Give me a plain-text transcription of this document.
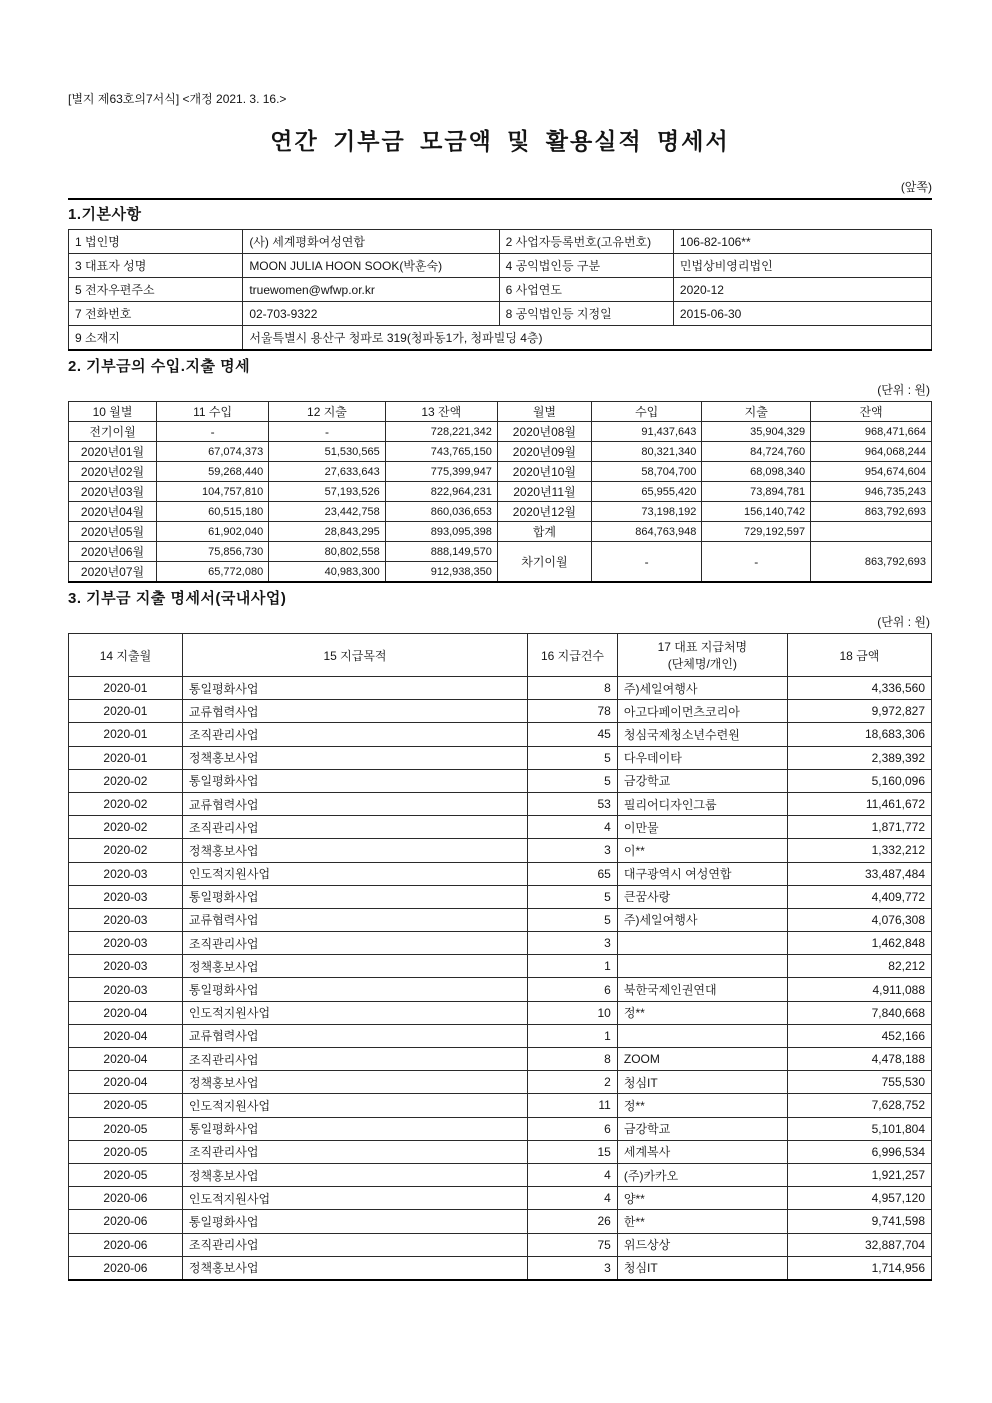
[별지 제63호의7서식] <개정 2021. 3. 16.>
연간 기부금 모금액 및 활용실적 명세서
(앞쪽)
1.기본사항
1 법인명	(사) 세계평화여성연합	2 사업자등록번호(고유번호)	106-82-106**
3 대표자 성명	MOON JULIA HOON SOOK(박훈숙)	4 공익법인등 구분	민법상비영리법인
5 전자우편주소	truewomen@wfwp.or.kr	6 사업연도	2020-12
7 전화번호	02-703-9322	8 공익법인등 지정일	2015-06-30
9 소재지	서울특별시 용산구 청파로 319(청파동1가, 청파빌딩 4층)		
2. 기부금의 수입.지출 명세
(단위 : 원)
10 월별	11 수입	12 지출	13 잔액	월별	수입	지출	잔액
전기이월	-	-	728,221,342	2020년08월	91,437,643	35,904,329	968,471,664
2020년01월	67,074,373	51,530,565	743,765,150	2020년09월	80,321,340	84,724,760	964,068,244
2020년02월	59,268,440	27,633,643	775,399,947	2020년10월	58,704,700	68,098,340	954,674,604
2020년03월	104,757,810	57,193,526	822,964,231	2020년11월	65,955,420	73,894,781	946,735,243
2020년04월	60,515,180	23,442,758	860,036,653	2020년12월	73,198,192	156,140,742	863,792,693
2020년05월	61,902,040	28,843,295	893,095,398	합계	864,763,948	729,192,597	
2020년06월	75,856,730	80,802,558	888,149,570	차기이월	-	-	863,792,693
2020년07월	65,772,080	40,983,300	912,938,350				
3. 기부금 지출 명세서(국내사업)
(단위 : 원)
14 지출월	15 지급목적	16 지급건수	17 대표 지급처명
(단체명/개인)	18 금액
2020-01	통일평화사업	8	주)세일여행사	4,336,560
2020-01	교류협력사업	78	아고다페이먼츠코리아	9,972,827
2020-01	조직관리사업	45	청심국제청소년수련원	18,683,306
2020-01	정책홍보사업	5	다우데이타	2,389,392
2020-02	통일평화사업	5	금강학교	5,160,096
2020-02	교류협력사업	53	필리어디자인그룹	11,461,672
2020-02	조직관리사업	4	이만물	1,871,772
2020-02	정책홍보사업	3	이**	1,332,212
2020-03	인도적지원사업	65	대구광역시 여성연합	33,487,484
2020-03	통일평화사업	5	큰꿈사랑	4,409,772
2020-03	교류협력사업	5	주)세일여행사	4,076,308
2020-03	조직관리사업	3		1,462,848
2020-03	정책홍보사업	1		82,212
2020-03	통일평화사업	6	북한국제인권연대	4,911,088
2020-04	인도적지원사업	10	정**	7,840,668
2020-04	교류협력사업	1		452,166
2020-04	조직관리사업	8	ZOOM	4,478,188
2020-04	정책홍보사업	2	청심IT	755,530
2020-05	인도적지원사업	11	정**	7,628,752
2020-05	통일평화사업	6	금강학교	5,101,804
2020-05	조직관리사업	15	세계복사	6,996,534
2020-05	정책홍보사업	4	(주)카카오	1,921,257
2020-06	인도적지원사업	4	양**	4,957,120
2020-06	통일평화사업	26	한**	9,741,598
2020-06	조직관리사업	75	위드상상	32,887,704
2020-06	정책홍보사업	3	청심IT	1,714,956
